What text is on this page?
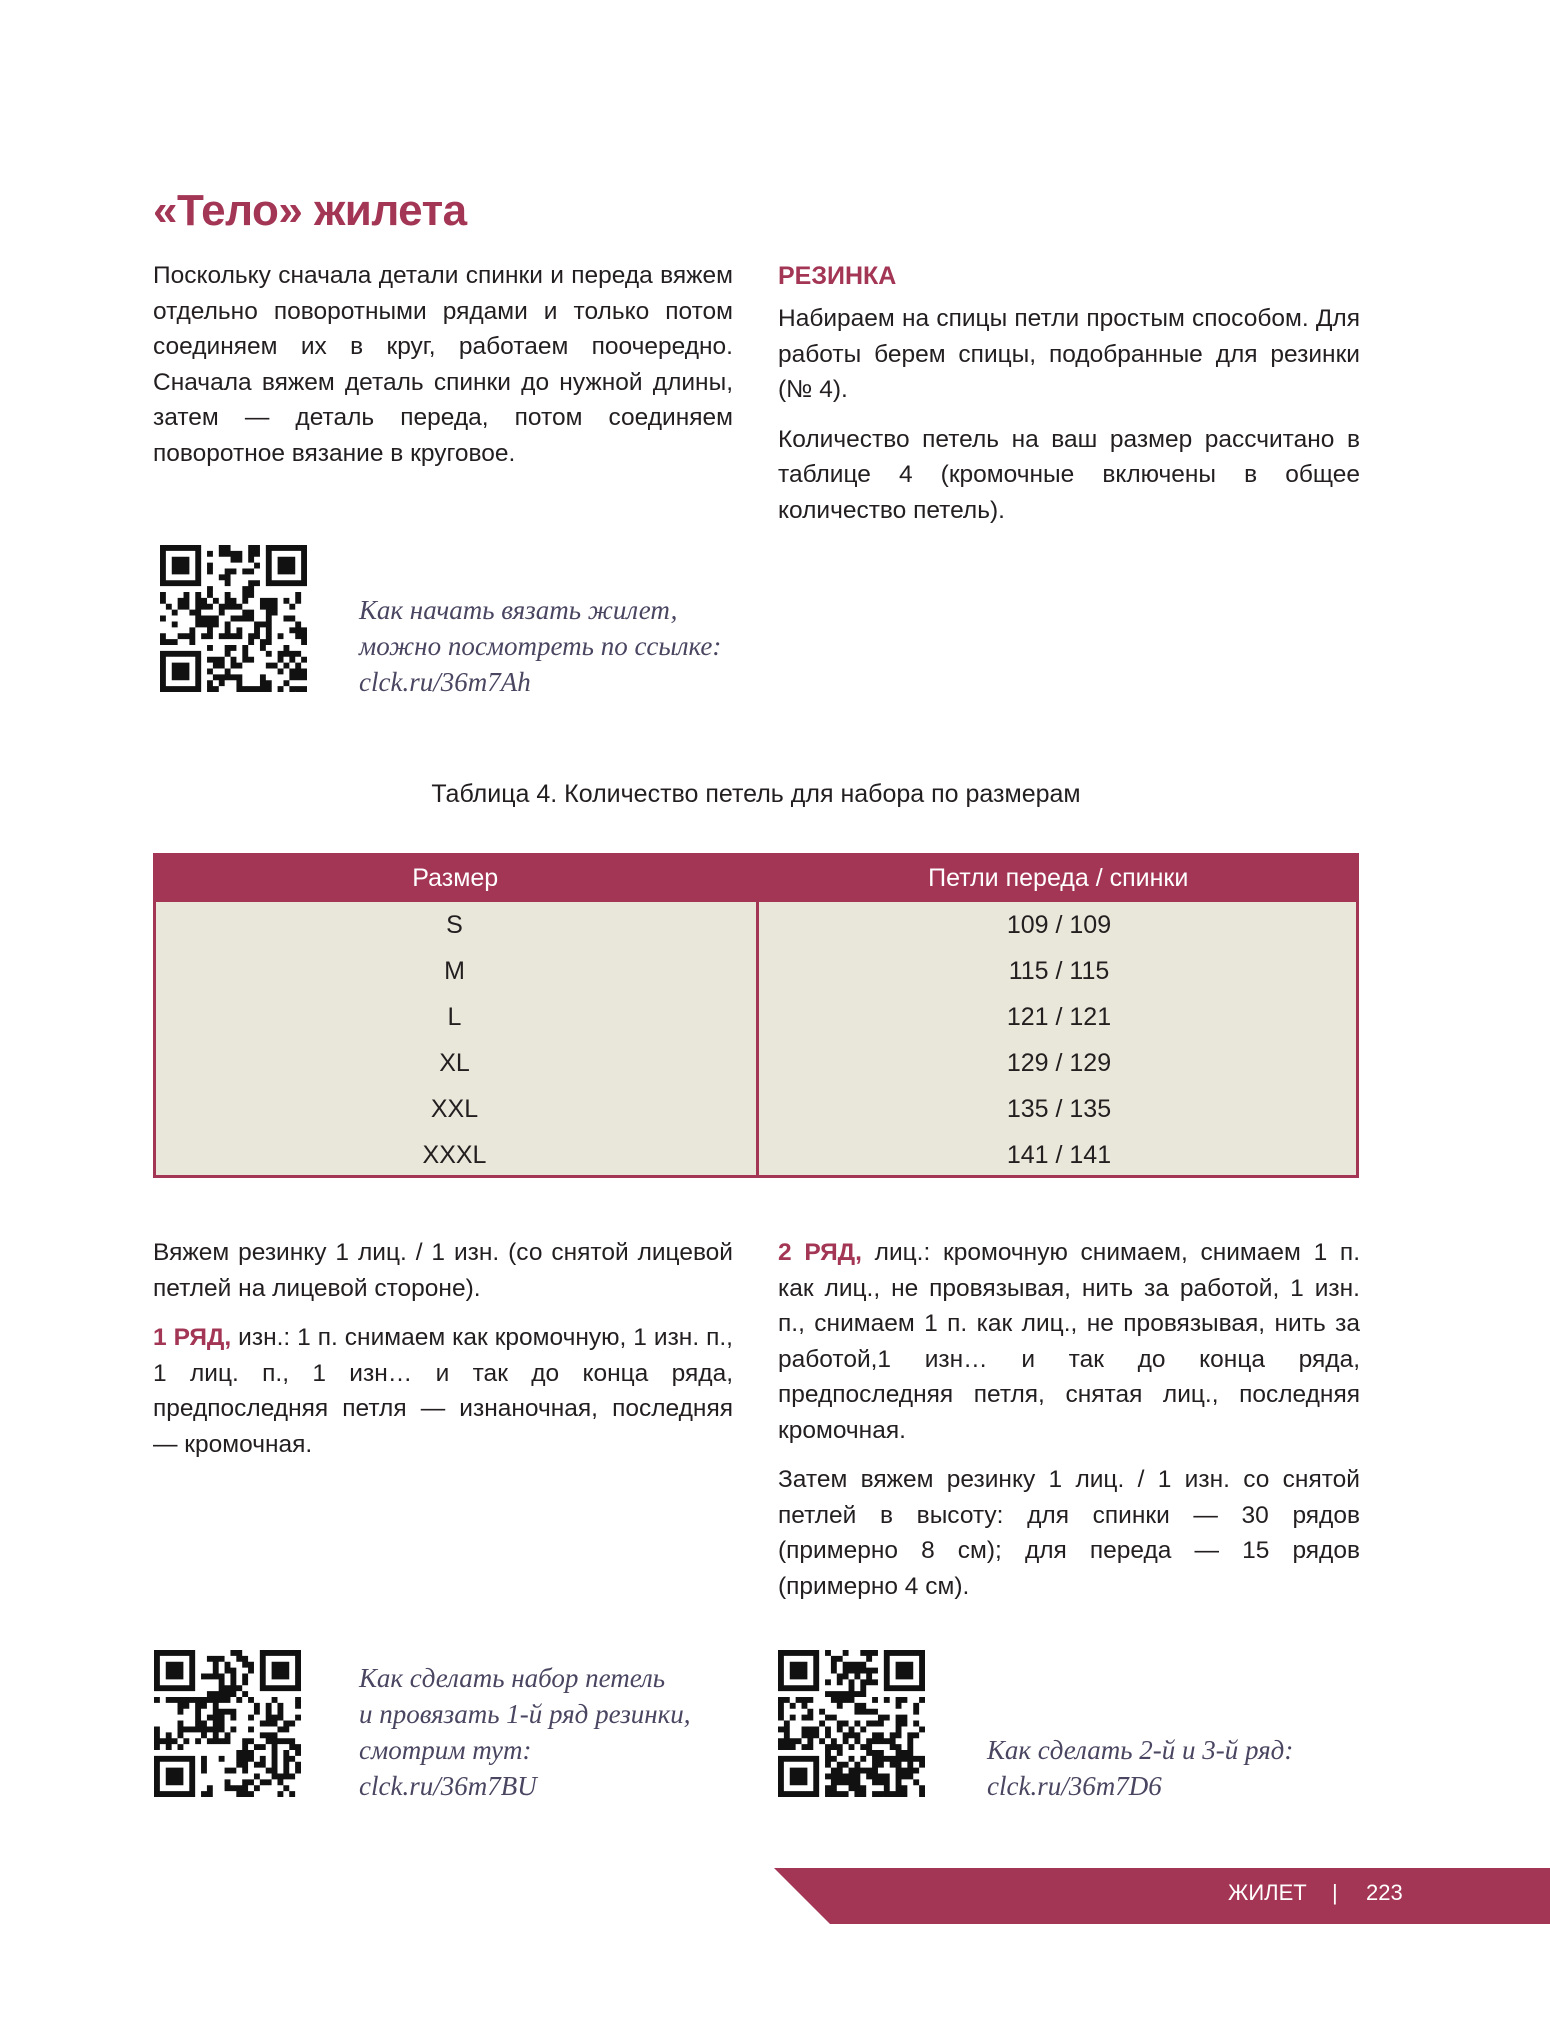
«Тело» жилета
Поскольку сначала детали спинки и переда вяжем отдельно поворотными рядами и только потом соединяем их в круг, работаем поочередно. Сначала вяжем деталь спинки до нужной длины, затем — деталь переда, потом соединяем поворотное вязание в круговое.
РЕЗИНКА

Набираем на спицы петли простым способом. Для работы берем спицы, подобранные для резинки (№ 4).

Количество петель на ваш размер рассчитано в таблице 4 (кромочные включены в общее количество петель).

Как начать вязать жилет,
можно посмотреть по ссылке:
clck.ru/36m7Ah
Таблица 4. Количество петель для набора по размерам
Размер	Петли переда / спинки
S	109 / 109
M	115 / 115
L	121 / 121
XL	129 / 129
XXL	135 / 135
XXXL	141 / 141

Вяжем резинку 1 лиц. / 1 изн. (со снятой лицевой петлей на лицевой стороне).

1 РЯД, изн.: 1 п. снимаем как кромочную, 1 изн. п., 1 лиц. п., 1 изн… и так до конца ряда, предпоследняя петля — изнаночная, последняя — кромочная.

2 РЯД, лиц.: кромочную снимаем, снимаем 1 п. как лиц., не провязывая, нить за работой, 1 изн. п., снимаем 1 п. как лиц., не провязывая, нить за работой,1 изн… и так до конца ряда, предпоследняя петля, снятая лиц., последняя кромочная.

Затем вяжем резинку 1 лиц. / 1 изн. со снятой петлей в высоту: для спинки — 30 рядов (примерно 8 см); для переда — 15 рядов (примерно 4 см).

Как сделать набор петель
и провязать 1-й ряд резинки,
смотрим тут:
clck.ru/36m7BU
Как сделать 2-й и 3-й ряд:
clck.ru/36m7D6
ЖИЛЕТ | 223
